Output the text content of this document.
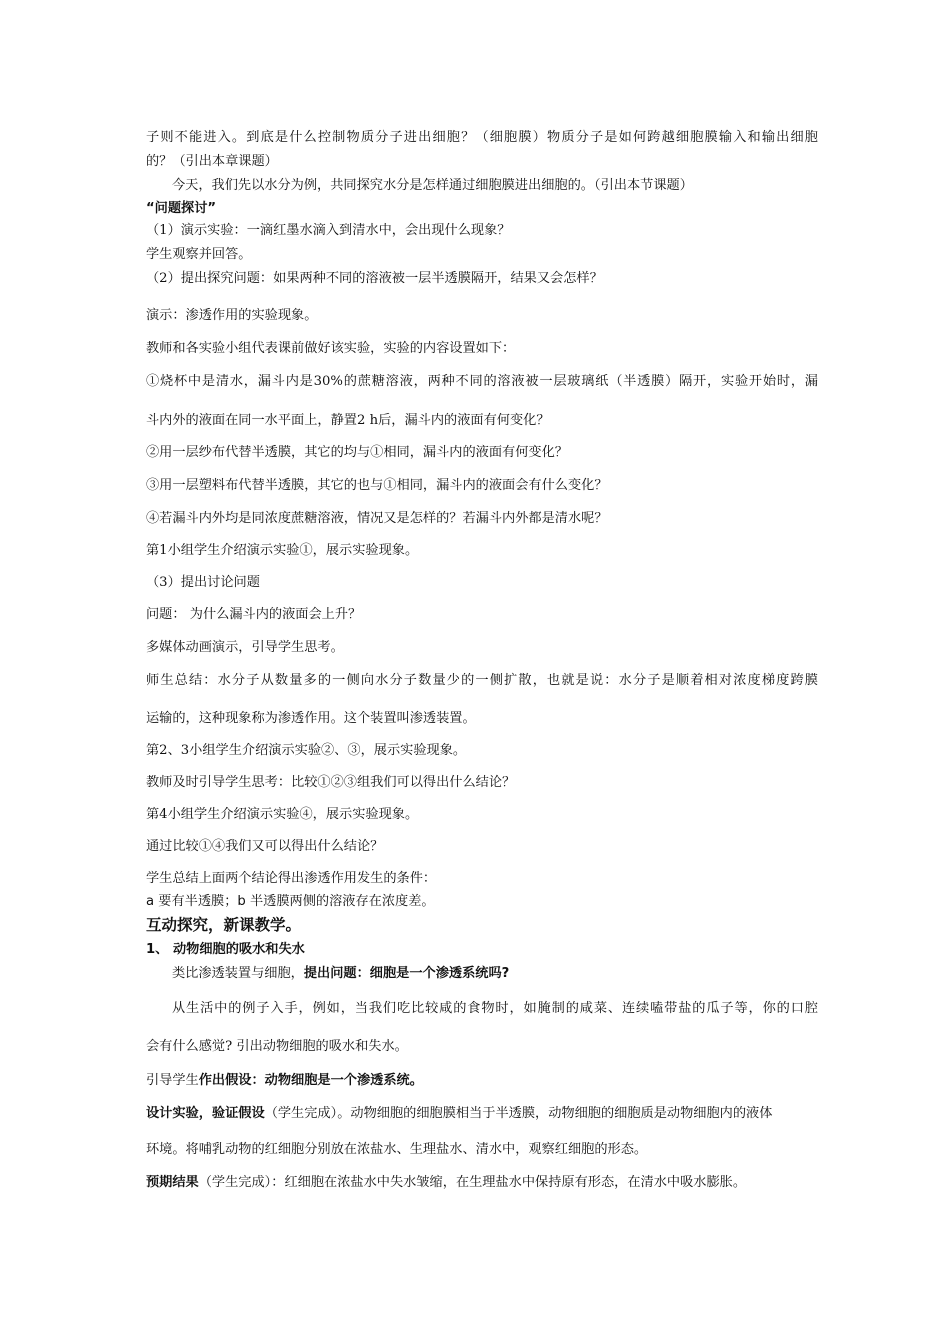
子则不能进入。到底是什么控制物质分子进出细胞？（细胞膜）物质分子是如何跨越细胞膜输入和输出细胞
的？（引出本章课题）
今天，我们先以水分为例，共同探究水分是怎样通过细胞膜进出细胞的。（引出本节课题）
“问题探讨”
（1）演示实验：一滴红墨水滴入到清水中，会出现什么现象？
学生观察并回答。
（2）提出探究问题：如果两种不同的溶液被一层半透膜隔开，结果又会怎样？
演示：渗透作用的实验现象。
教师和各实验小组代表课前做好该实验，实验的内容设置如下：
①烧杯中是清水，漏斗内是30%的蔗糖溶液，两种不同的溶液被一层玻璃纸（半透膜）隔开，实验开始时，漏
斗内外的液面在同一水平面上，静置2 h后，漏斗内的液面有何变化？
②用一层纱布代替半透膜，其它的均与①相同，漏斗内的液面有何变化？
③用一层塑料布代替半透膜，其它的也与①相同，漏斗内的液面会有什么变化？
④若漏斗内外均是同浓度蔗糖溶液，情况又是怎样的？若漏斗内外都是清水呢？
第1小组学生介绍演示实验①，展示实验现象。
（3）提出讨论问题
问题： 为什么漏斗内的液面会上升？
多媒体动画演示，引导学生思考。
师生总结：水分子从数量多的一侧向水分子数量少的一侧扩散，也就是说：水分子是顺着相对浓度梯度跨膜
运输的，这种现象称为渗透作用。这个装置叫渗透装置。
第2、3小组学生介绍演示实验②、③，展示实验现象。
教师及时引导学生思考：比较①②③组我们可以得出什么结论？
第4小组学生介绍演示实验④，展示实验现象。
通过比较①④我们又可以得出什么结论？
学生总结上面两个结论得出渗透作用发生的条件：
a 要有半透膜；b 半透膜两侧的溶液存在浓度差。
互动探究，新课教学。
1、 动物细胞的吸水和失水
类比渗透装置与细胞，提出问题：细胞是一个渗透系统吗?
从生活中的例子入手，例如，当我们吃比较咸的食物时，如腌制的咸菜、连续嗑带盐的瓜子等，你的口腔
会有什么感觉? 引出动物细胞的吸水和失水。
引导学生作出假设：动物细胞是一个渗透系统。
设计实验，验证假设（学生完成）。动物细胞的细胞膜相当于半透膜，动物细胞的细胞质是动物细胞内的液体
环境。将哺乳动物的红细胞分别放在浓盐水、生理盐水、清水中，观察红细胞的形态。
预期结果（学生完成）：红细胞在浓盐水中失水皱缩，在生理盐水中保持原有形态，在清水中吸水膨胀。
